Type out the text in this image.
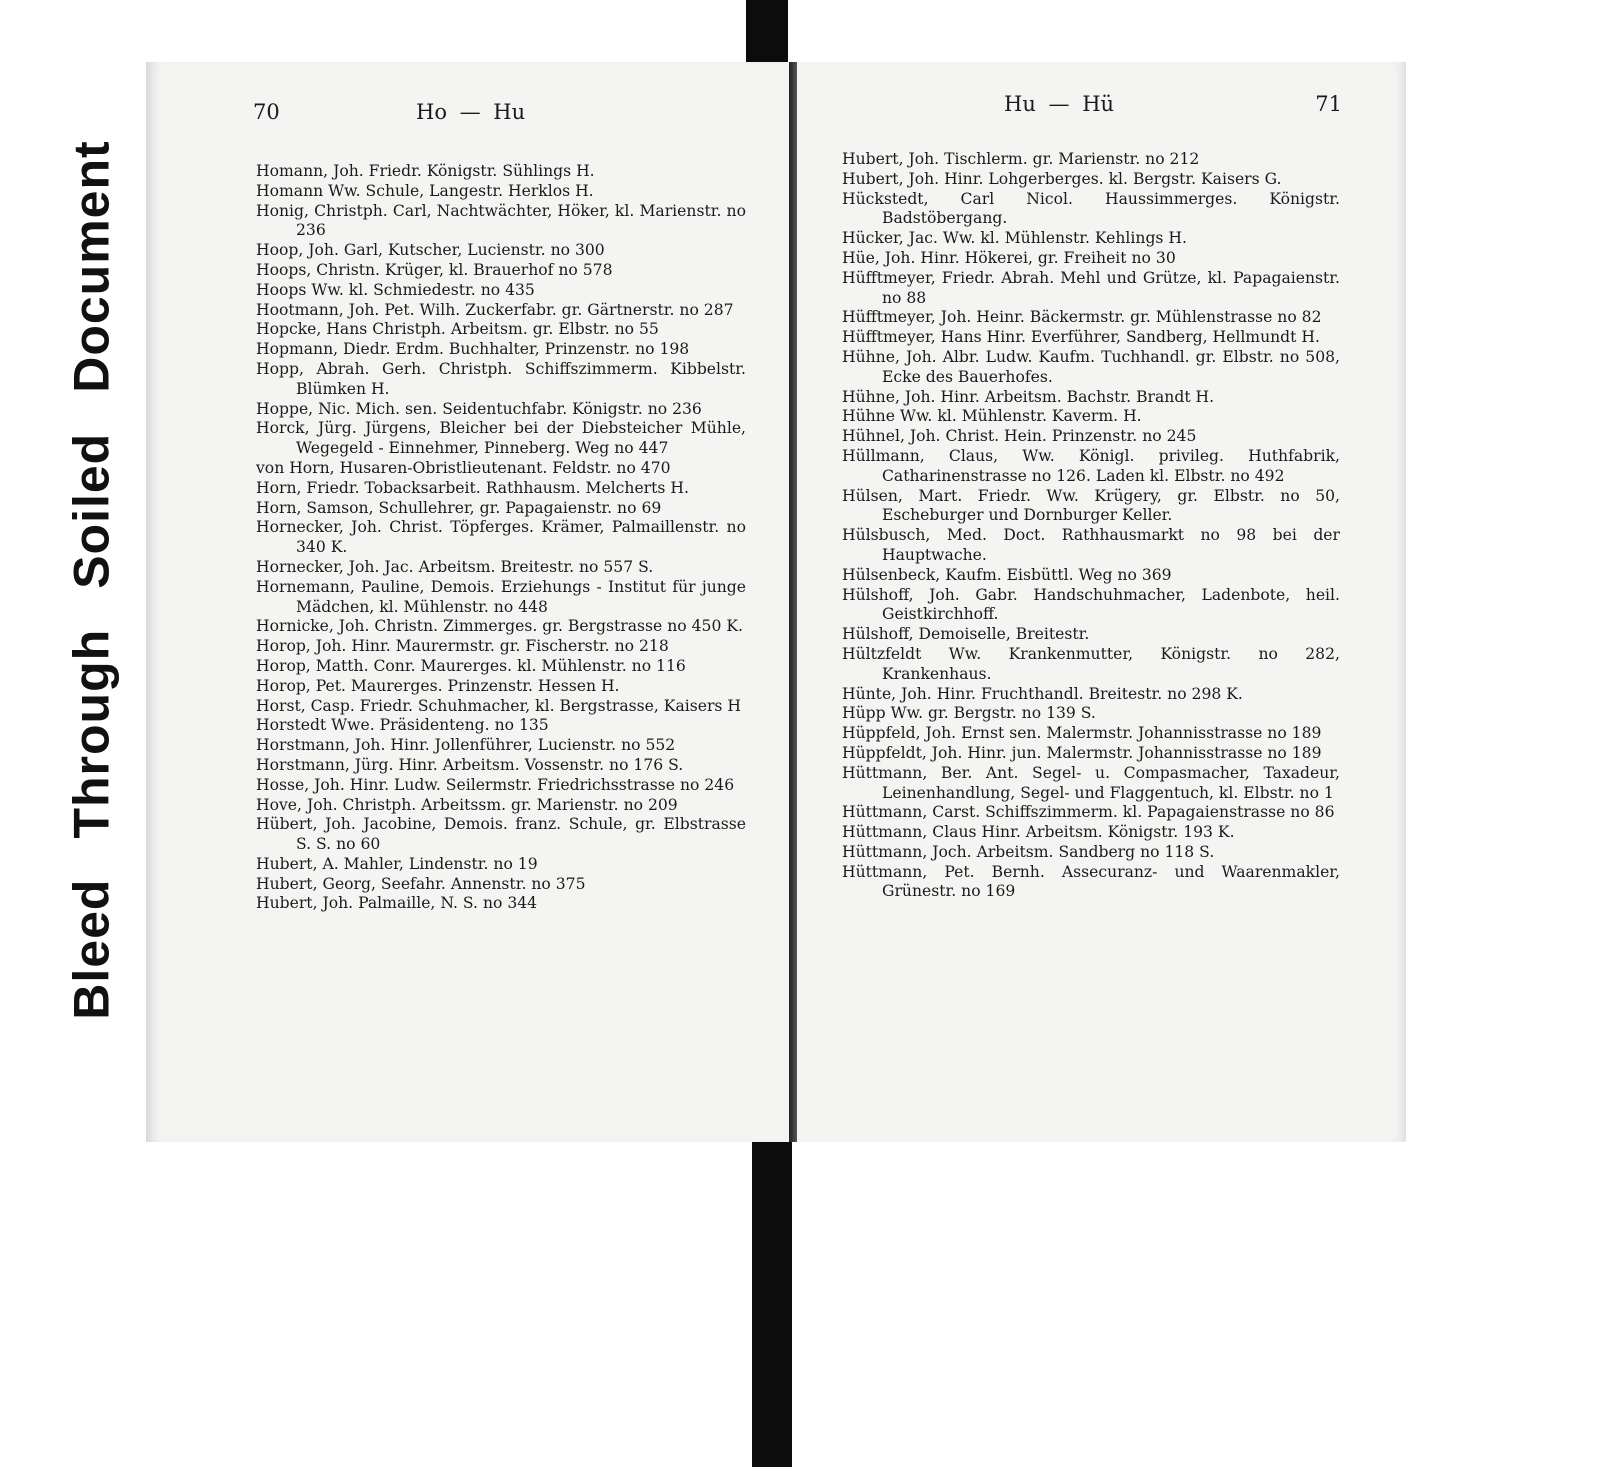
BleedThroughSoiledDocument
70	Ho — Hu

Homann, Joh. Friedr. Königstr. Sühlings H.

Homann Ww. Schule, Langestr. Herklos H.

Honig, Christph. Carl, Nachtwächter, Höker, kl. Marienstr. no 236

Hoop, Joh. Garl, Kutscher, Lucienstr. no 300

Hoops, Christn. Krüger, kl. Brauerhof no 578

Hoops Ww. kl. Schmiedestr. no 435

Hootmann, Joh. Pet. Wilh. Zuckerfabr. gr. Gärtnerstr. no 287

Hopcke, Hans Christph. Arbeitsm. gr. Elbstr. no 55

Hopmann, Diedr. Erdm. Buchhalter, Prinzenstr. no 198

Hopp, Abrah. Gerh. Christph. Schiffszimmerm. Kibbelstr. Blümken H.

Hoppe, Nic. Mich. sen. Seidentuchfabr. Königstr. no 236

Horck, Jürg. Jürgens, Bleicher bei der Diebsteicher Mühle, Wegegeld - Einnehmer, Pinneberg. Weg no 447

von Horn, Husaren-Obristlieutenant. Feldstr. no 470

Horn, Friedr. Tobacksarbeit. Rathhausm. Melcherts H.

Horn, Samson, Schullehrer, gr. Papagaienstr. no 69

Hornecker, Joh. Christ. Töpferges. Krämer, Palmaillenstr. no 340 K.

Hornecker, Joh. Jac. Arbeitsm. Breitestr. no 557 S.

Hornemann, Pauline, Demois. Erziehungs - Institut für junge Mädchen, kl. Mühlenstr. no 448

Hornicke, Joh. Christn. Zimmerges. gr. Bergstrasse no 450 K.

Horop, Joh. Hinr. Maurermstr. gr. Fischerstr. no 218

Horop, Matth. Conr. Maurerges. kl. Mühlenstr. no 116

Horop, Pet. Maurerges. Prinzenstr. Hessen H.

Horst, Casp. Friedr. Schuhmacher, kl. Bergstrasse, Kaisers H

Horstedt Wwe. Präsidenteng. no 135

Horstmann, Joh. Hinr. Jollenführer, Lucienstr. no 552

Horstmann, Jürg. Hinr. Arbeitsm. Vossenstr. no 176 S.

Hosse, Joh. Hinr. Ludw. Seilermstr. Friedrichsstrasse no 246

Hove, Joh. Christph. Arbeitssm. gr. Marienstr. no 209

Hübert, Joh. Jacobine, Demois. franz. Schule, gr. Elbstrasse S. S. no 60

Hubert, A. Mahler, Lindenstr. no 19

Hubert, Georg, Seefahr. Annenstr. no 375

Hubert, Joh. Palmaille, N. S. no 344

Hu — Hü	71

Hubert, Joh. Tischlerm. gr. Marienstr. no 212

Hubert, Joh. Hinr. Lohgerberges. kl. Bergstr. Kaisers G.

Hückstedt, Carl Nicol. Haussimmerges. Königstr. Badstöbergang.

Hücker, Jac. Ww. kl. Mühlenstr. Kehlings H.

Hüe, Joh. Hinr. Hökerei, gr. Freiheit no 30

Hüfftmeyer, Friedr. Abrah. Mehl und Grütze, kl. Papagaienstr. no 88

Hüfftmeyer, Joh. Heinr. Bäckermstr. gr. Mühlenstrasse no 82

Hüfftmeyer, Hans Hinr. Everführer, Sandberg, Hellmundt H.

Hühne, Joh. Albr. Ludw. Kaufm. Tuchhandl. gr. Elbstr. no 508, Ecke des Bauerhofes.

Hühne, Joh. Hinr. Arbeitsm. Bachstr. Brandt H.

Hühne Ww. kl. Mühlenstr. Kaverm. H.

Hühnel, Joh. Christ. Hein. Prinzenstr. no 245

Hüllmann, Claus, Ww. Königl. privileg. Huthfabrik, Catharinenstrasse no 126. Laden kl. Elbstr. no 492

Hülsen, Mart. Friedr. Ww. Krügery, gr. Elbstr. no 50, Escheburger und Dornburger Keller.

Hülsbusch, Med. Doct. Rathhausmarkt no 98 bei der Hauptwache.

Hülsenbeck, Kaufm. Eisbüttl. Weg no 369

Hülshoff, Joh. Gabr. Handschuhmacher, Ladenbote, heil. Geistkirchhoff.

Hülshoff, Demoiselle, Breitestr.

Hültzfeldt Ww. Krankenmutter, Königstr. no 282, Krankenhaus.

Hünte, Joh. Hinr. Fruchthandl. Breitestr. no 298 K.

Hüpp Ww. gr. Bergstr. no 139 S.

Hüppfeld, Joh. Ernst sen. Malermstr. Johannisstrasse no 189

Hüppfeldt, Joh. Hinr. jun. Malermstr. Johannisstrasse no 189

Hüttmann, Ber. Ant. Segel- u. Compasmacher, Taxadeur, Leinenhandlung, Segel- und Flaggentuch, kl. Elbstr. no 1

Hüttmann, Carst. Schiffszimmerm. kl. Papagaienstrasse no 86

Hüttmann, Claus Hinr. Arbeitsm. Königstr. 193 K.

Hüttmann, Joch. Arbeitsm. Sandberg no 118 S.

Hüttmann, Pet. Bernh. Assecuranz- und Waarenmakler, Grünestr. no 169
